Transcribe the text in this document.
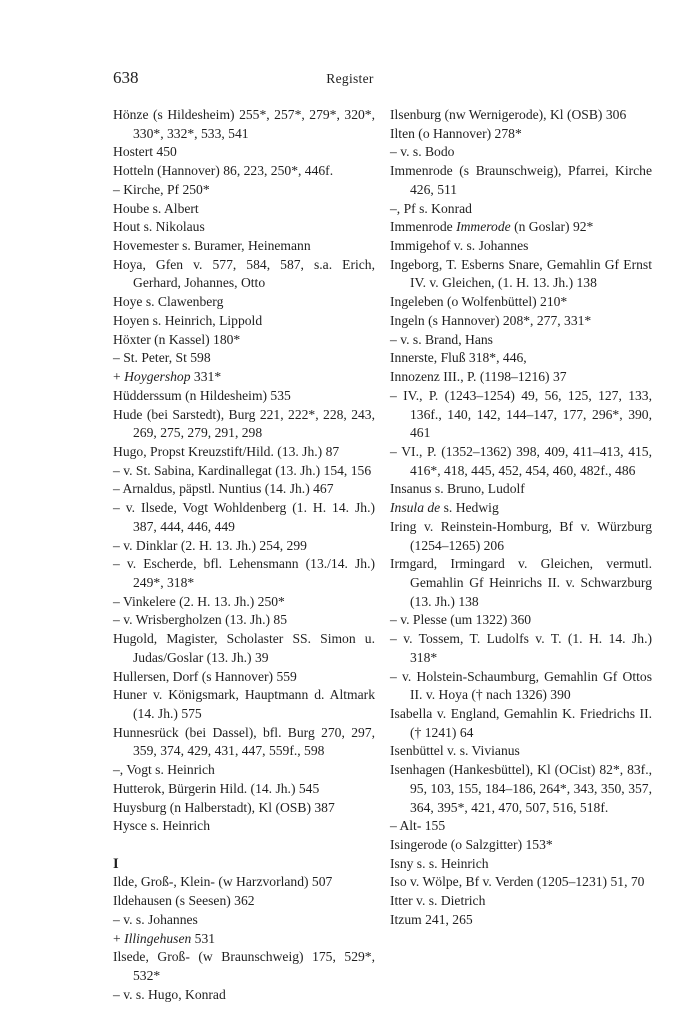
638	Register
Hönze (s Hildesheim) 255*, 257*, 279*, 320*, 330*, 332*, 533, 541
Hostert 450
Hotteln (Hannover) 86, 223, 250*, 446f.
– Kirche, Pf 250*
Hoube s. Albert
Hout s. Nikolaus
Hovemester s. Buramer, Heinemann
Hoya, Gfen v. 577, 584, 587, s.a. Erich, Gerhard, Johannes, Otto
Hoye s. Clawenberg
Hoyen s. Heinrich, Lippold
Höxter (n Kassel) 180*
– St. Peter, St 598
+ Hoygershop 331*
Hüdderssum (n Hildesheim) 535
Hude (bei Sarstedt), Burg 221, 222*, 228, 243, 269, 275, 279, 291, 298
Hugo, Propst Kreuzstift/Hild. (13. Jh.) 87
– v. St. Sabina, Kardinallegat (13. Jh.) 154, 156
– Arnaldus, päpstl. Nuntius (14. Jh.) 467
– v. Ilsede, Vogt Wohldenberg (1. H. 14. Jh.) 387, 444, 446, 449
– v. Dinklar (2. H. 13. Jh.) 254, 299
– v. Escherde, bfl. Lehensmann (13./14. Jh.) 249*, 318*
– Vinkelere (2. H. 13. Jh.) 250*
– v. Wrisbergholzen (13. Jh.) 85
Hugold, Magister, Scholaster SS. Simon u. Judas/Goslar (13. Jh.) 39
Hullersen, Dorf (s Hannover) 559
Huner v. Königsmark, Hauptmann d. Altmark (14. Jh.) 575
Hunnesrück (bei Dassel), bfl. Burg 270, 297, 359, 374, 429, 431, 447, 559f., 598
–, Vogt s. Heinrich
Hutterok, Bürgerin Hild. (14. Jh.) 545
Huysburg (n Halberstadt), Kl (OSB) 387
Hysce s. Heinrich
I
Ilde, Groß-, Klein- (w Harzvorland) 507
Ildehausen (s Seesen) 362
– v. s. Johannes
+ Illingehusen 531
Ilsede, Groß- (w Braunschweig) 175, 529*, 532*
– v. s. Hugo, Konrad
Ilsenburg (nw Wernigerode), Kl (OSB) 306
Ilten (o Hannover) 278*
– v. s. Bodo
Immenrode (s Braunschweig), Pfarrei, Kirche 426, 511
–, Pf s. Konrad
Immenrode Immerode (n Goslar) 92*
Immigehof v. s. Johannes
Ingeborg, T. Esberns Snare, Gemahlin Gf Ernst IV. v. Gleichen, (1. H. 13. Jh.) 138
Ingeleben (o Wolfenbüttel) 210*
Ingeln (s Hannover) 208*, 277, 331*
– v. s. Brand, Hans
Innerste, Fluß 318*, 446,
Innozenz III., P. (1198–1216) 37
– IV., P. (1243–1254) 49, 56, 125, 127, 133, 136f., 140, 142, 144–147, 177, 296*, 390, 461
– VI., P. (1352–1362) 398, 409, 411–413, 415, 416*, 418, 445, 452, 454, 460, 482f., 486
Insanus s. Bruno, Ludolf
Insula de s. Hedwig
Iring v. Reinstein-Homburg, Bf v. Würzburg (1254–1265) 206
Irmgard, Irmingard v. Gleichen, vermutl. Gemahlin Gf Heinrichs II. v. Schwarzburg (13. Jh.) 138
– v. Plesse (um 1322) 360
– v. Tossem, T. Ludolfs v. T. (1. H. 14. Jh.) 318*
– v. Holstein-Schaumburg, Gemahlin Gf Ottos II. v. Hoya († nach 1326) 390
Isabella v. England, Gemahlin K. Friedrichs II. († 1241) 64
Isenbüttel v. s. Vivianus
Isenhagen (Hankesbüttel), Kl (OCist) 82*, 83f., 95, 103, 155, 184–186, 264*, 343, 350, 357, 364, 395*, 421, 470, 507, 516, 518f.
– Alt- 155
Isingerode (o Salzgitter) 153*
Isny s. s. Heinrich
Iso v. Wölpe, Bf v. Verden (1205–1231) 51, 70
Itter v. s. Dietrich
Itzum 241, 265
